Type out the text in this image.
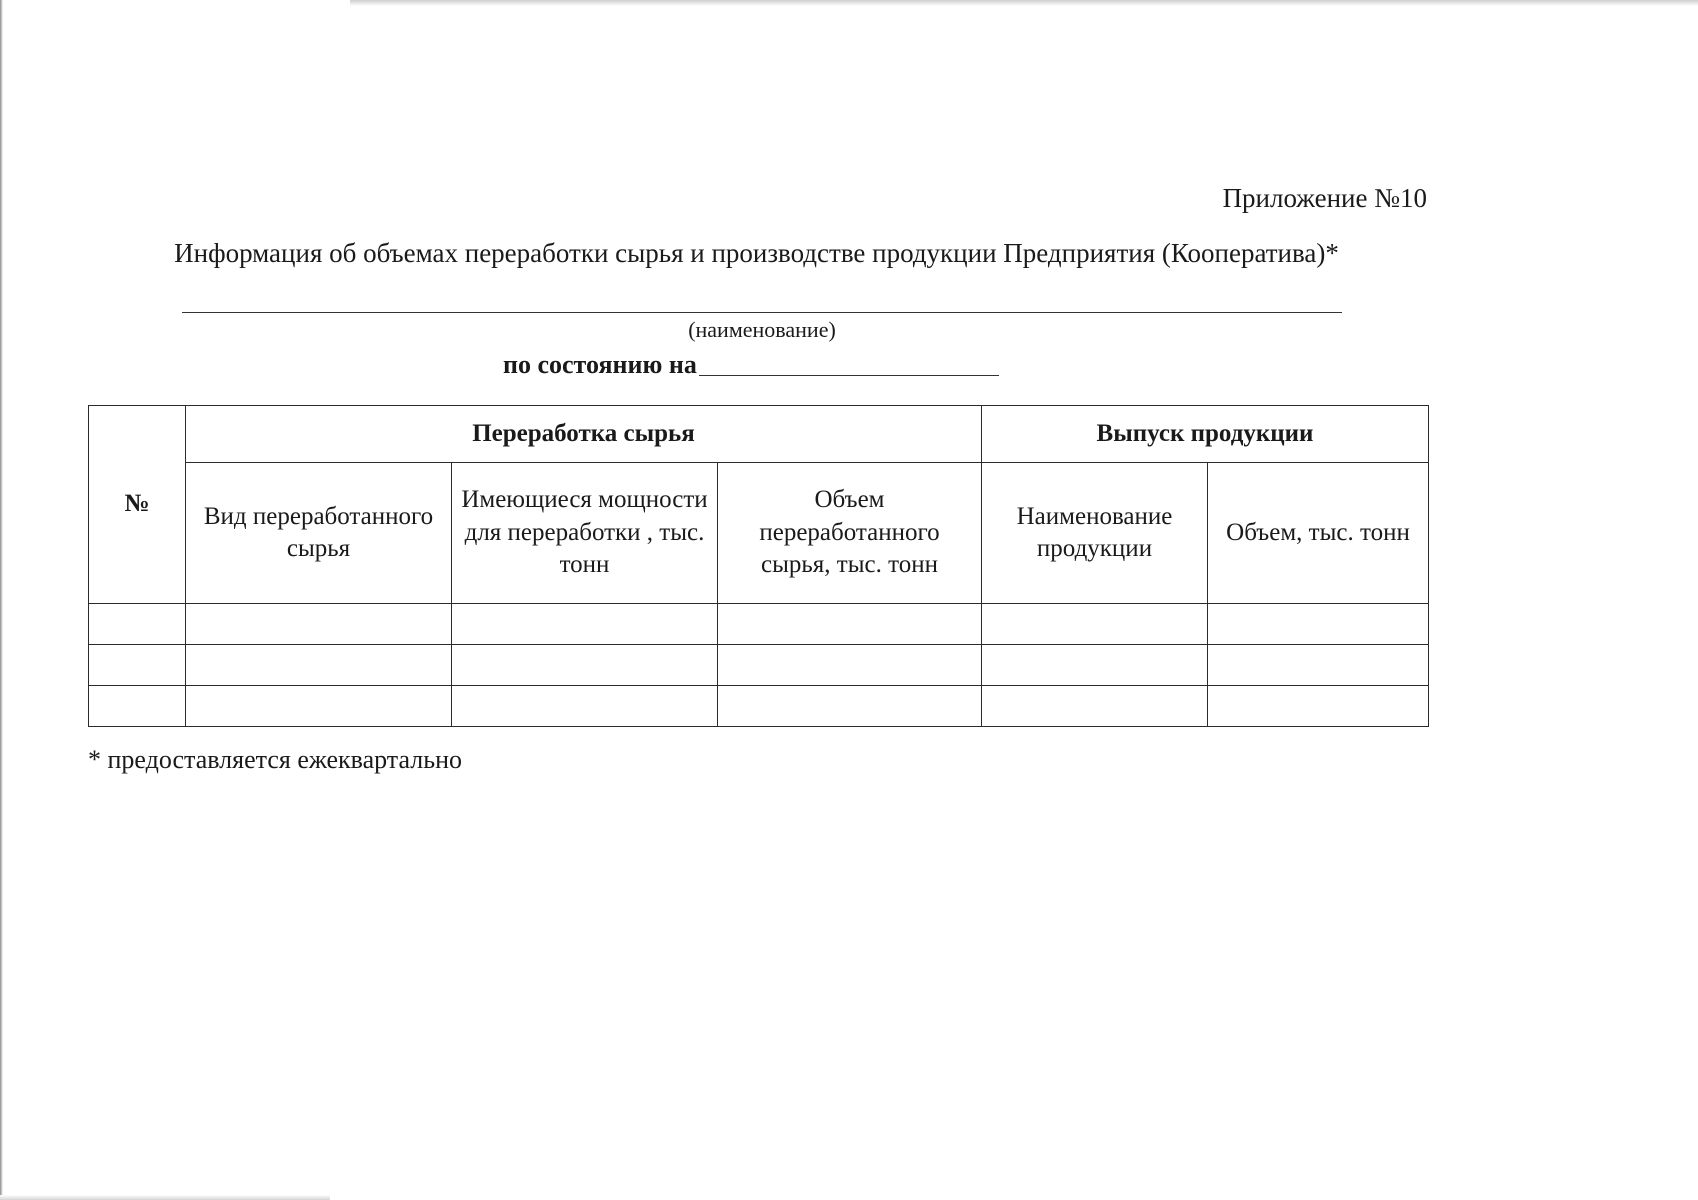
Приложение №10
Информация об объемах переработки сырья и производстве продукции Предприятия (Кооператива)*
(наименование)
по состоянию на
№	Переработка сырья			Выпуск продукции	
	Вид переработанного сырья	Имеющиеся мощности для переработки , тыс. тонн	Объем переработанного сырья, тыс. тонн	Наименование продукции	Объем, тыс. тонн

* предоставляется ежеквартально
